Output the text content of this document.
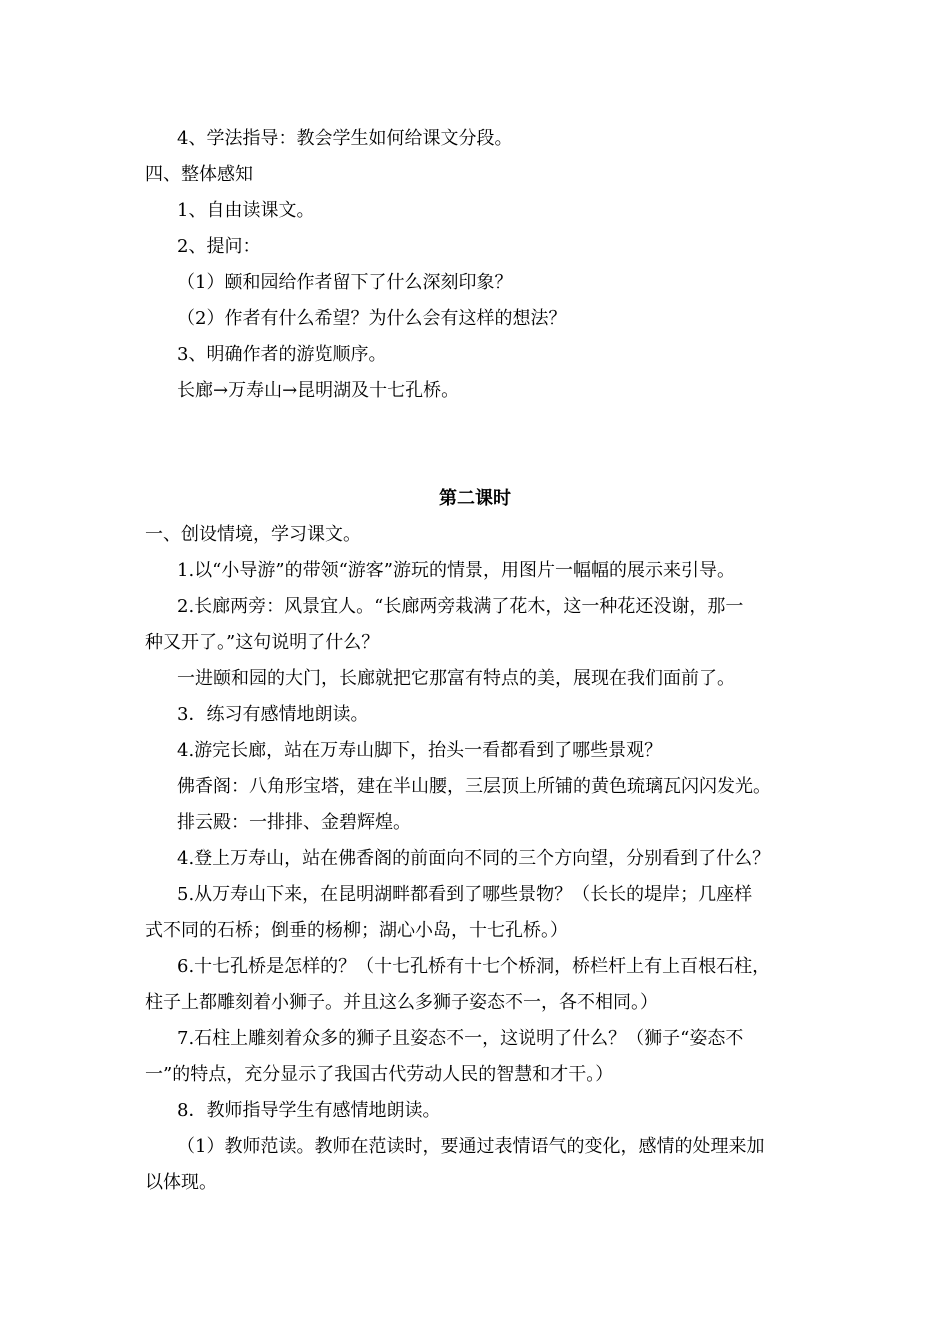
4、学法指导：教会学生如何给课文分段。

四、整体感知

1、自由读课文。

2、提问：

（1）颐和园给作者留下了什么深刻印象？

（2）作者有什么希望？为什么会有这样的想法？

3、明确作者的游览顺序。

长廊→万寿山→昆明湖及十七孔桥。

第二课时

一、创设情境，学习课文。

1.以“小导游”的带领“游客”游玩的情景，用图片一幅幅的展示来引导。

2.长廊两旁：风景宜人。“长廊两旁栽满了花木，这一种花还没谢，那一

种又开了。”这句说明了什么？

一进颐和园的大门，长廊就把它那富有特点的美，展现在我们面前了。

3．练习有感情地朗读。

4.游完长廊，站在万寿山脚下，抬头一看都看到了哪些景观？

佛香阁：八角形宝塔，建在半山腰，三层顶上所铺的黄色琉璃瓦闪闪发光。

排云殿：一排排、金碧辉煌。

4.登上万寿山，站在佛香阁的前面向不同的三个方向望，分别看到了什么？

5.从万寿山下来，在昆明湖畔都看到了哪些景物？（长长的堤岸；几座样

式不同的石桥；倒垂的杨柳；湖心小岛，十七孔桥。）

6.十七孔桥是怎样的？（十七孔桥有十七个桥洞，桥栏杆上有上百根石柱，

柱子上都雕刻着小狮子。并且这么多狮子姿态不一，各不相同。）

7.石柱上雕刻着众多的狮子且姿态不一，这说明了什么？（狮子“姿态不

一”的特点，充分显示了我国古代劳动人民的智慧和才干。）

8．教师指导学生有感情地朗读。

（1）教师范读。教师在范读时，要通过表情语气的变化，感情的处理来加

以体现。
